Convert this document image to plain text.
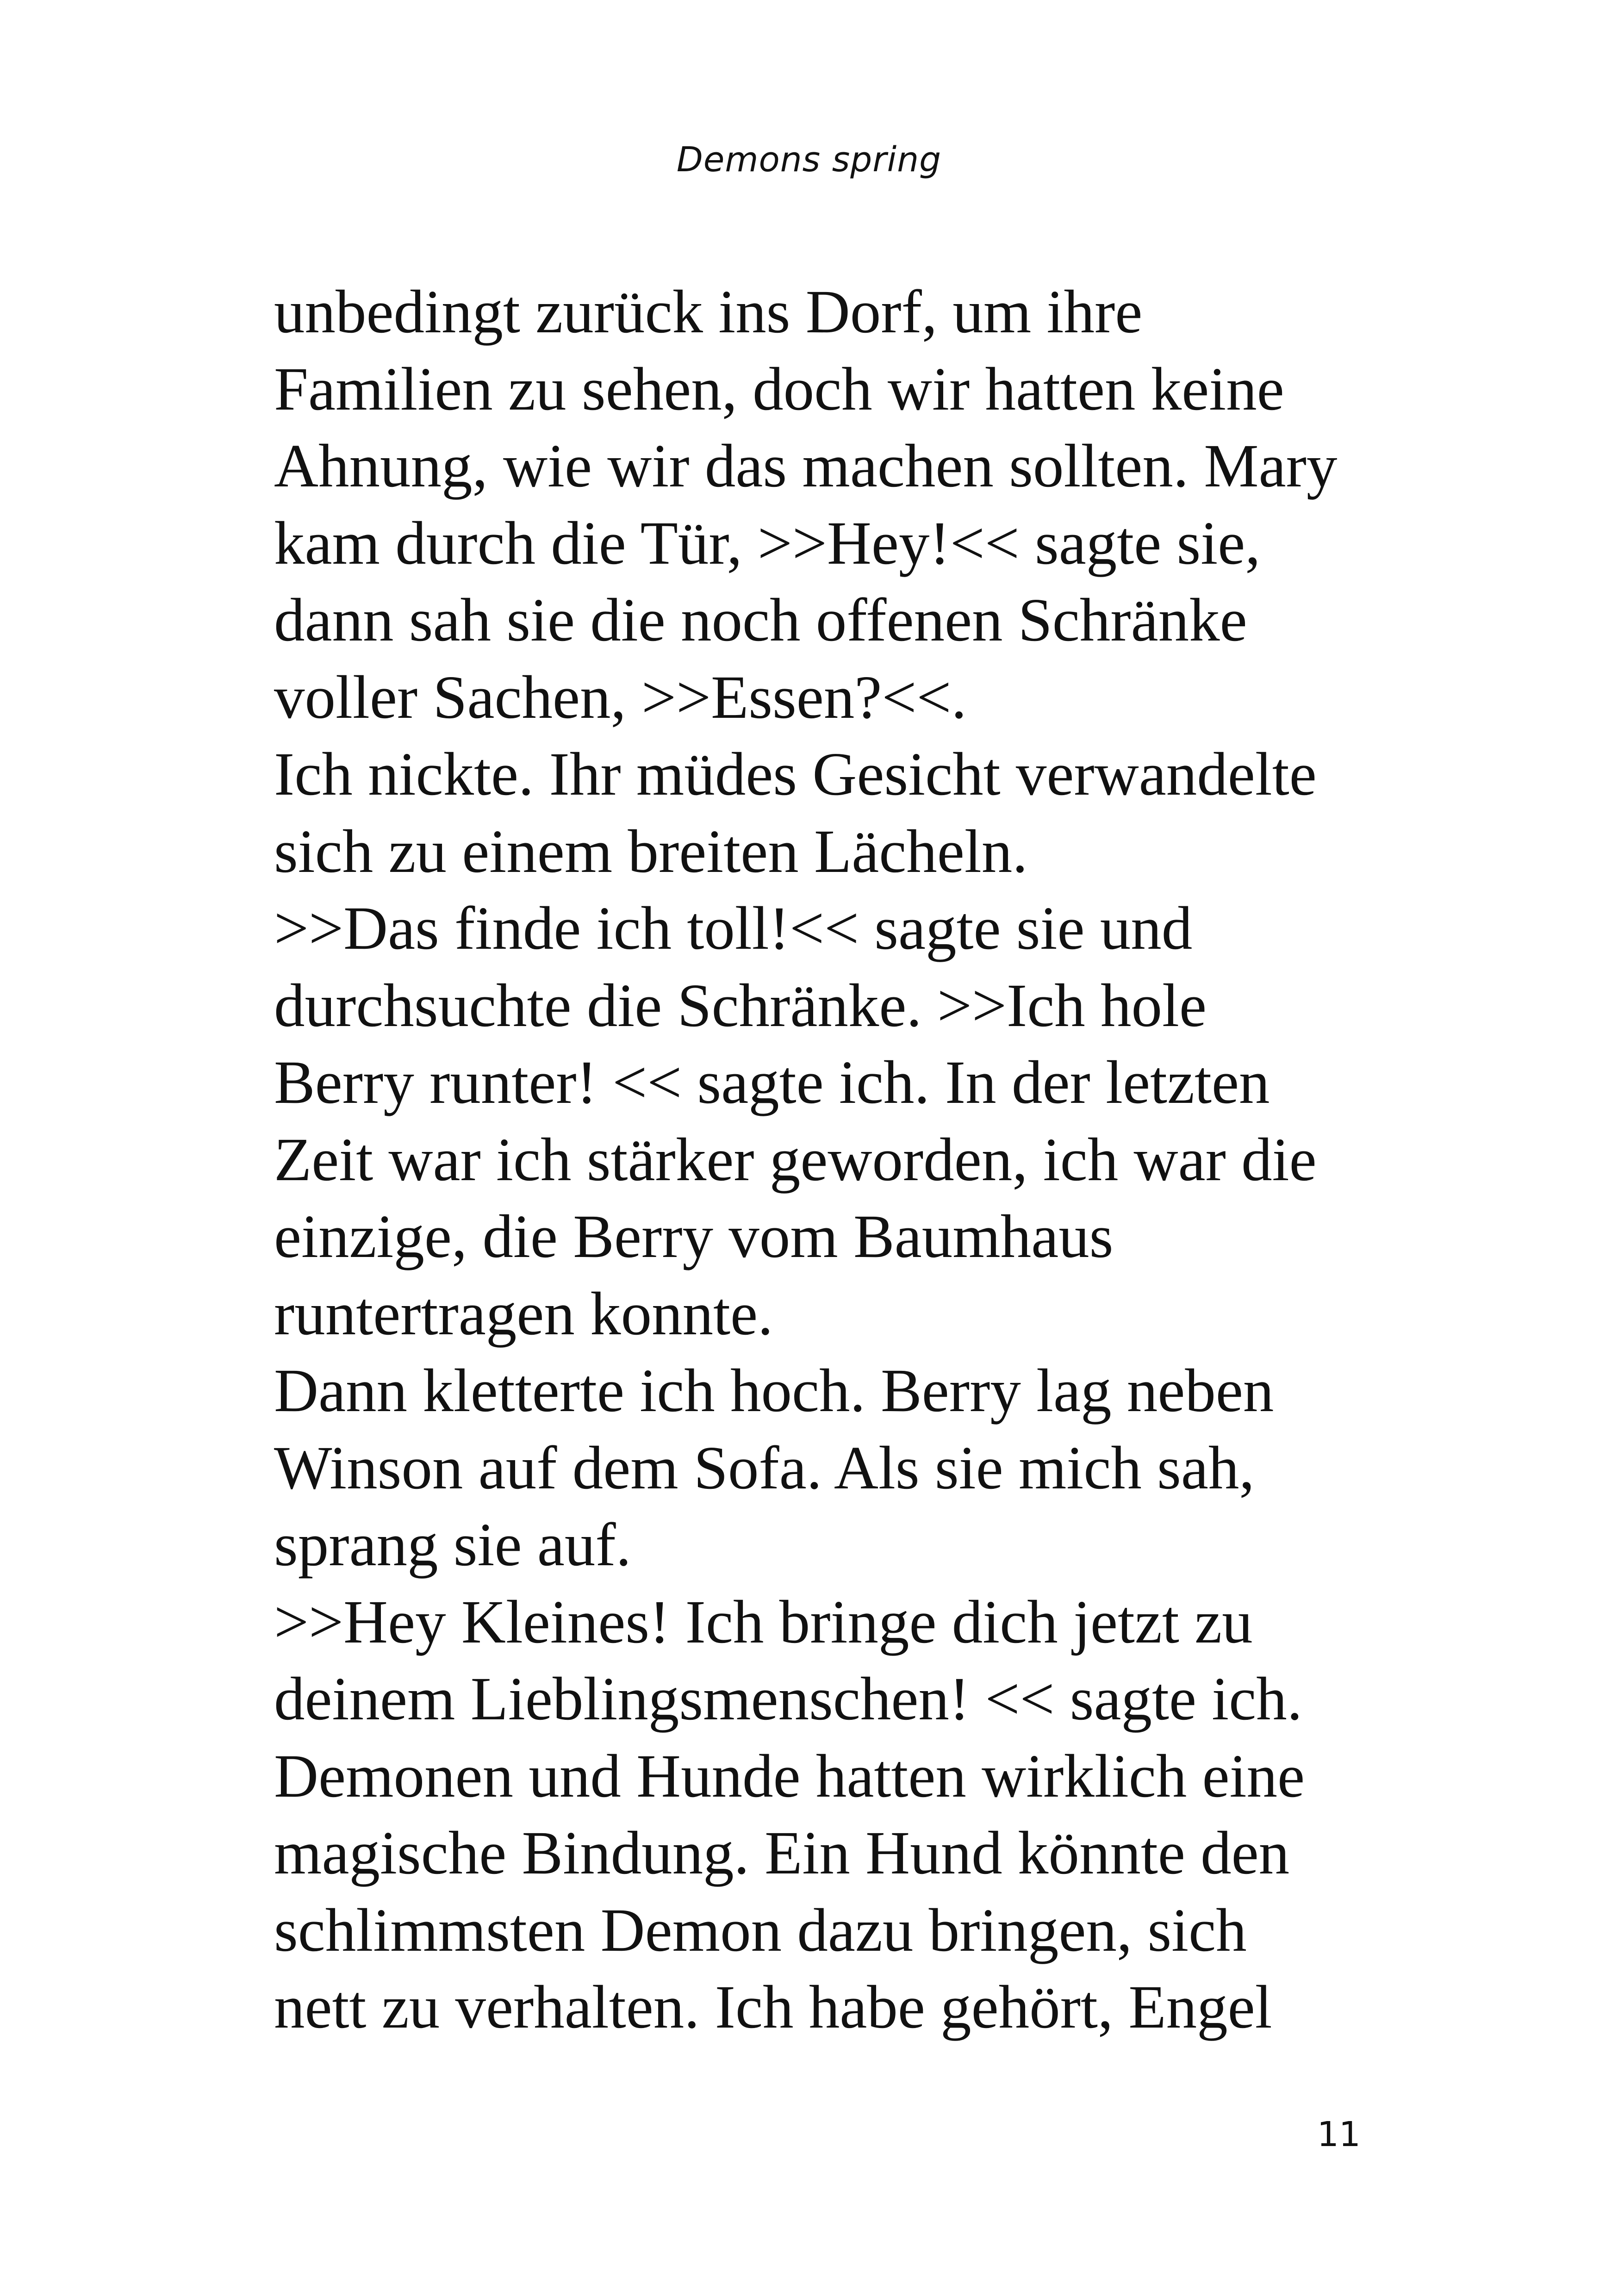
Demons spring
unbedingt zurück ins Dorf, um ihre
Familien zu sehen, doch wir hatten keine
Ahnung, wie wir das machen sollten. Mary
kam durch die Tür, >>Hey!<< sagte sie,
dann sah sie die noch offenen Schränke
voller Sachen, >>Essen?<<.
Ich nickte. Ihr müdes Gesicht verwandelte
sich zu einem breiten Lächeln.
>>Das finde ich toll!<< sagte sie und
durchsuchte die Schränke. >>Ich hole
Berry runter! << sagte ich. In der letzten
Zeit war ich stärker geworden, ich war die
einzige, die Berry vom Baumhaus
runtertragen konnte.
Dann kletterte ich hoch. Berry lag neben
Winson auf dem Sofa. Als sie mich sah,
sprang sie auf.
>>Hey Kleines! Ich bringe dich jetzt zu
deinem Lieblingsmenschen! << sagte ich.
Demonen und Hunde hatten wirklich eine
magische Bindung. Ein Hund könnte den
schlimmsten Demon dazu bringen, sich
nett zu verhalten. Ich habe gehört, Engel
11
